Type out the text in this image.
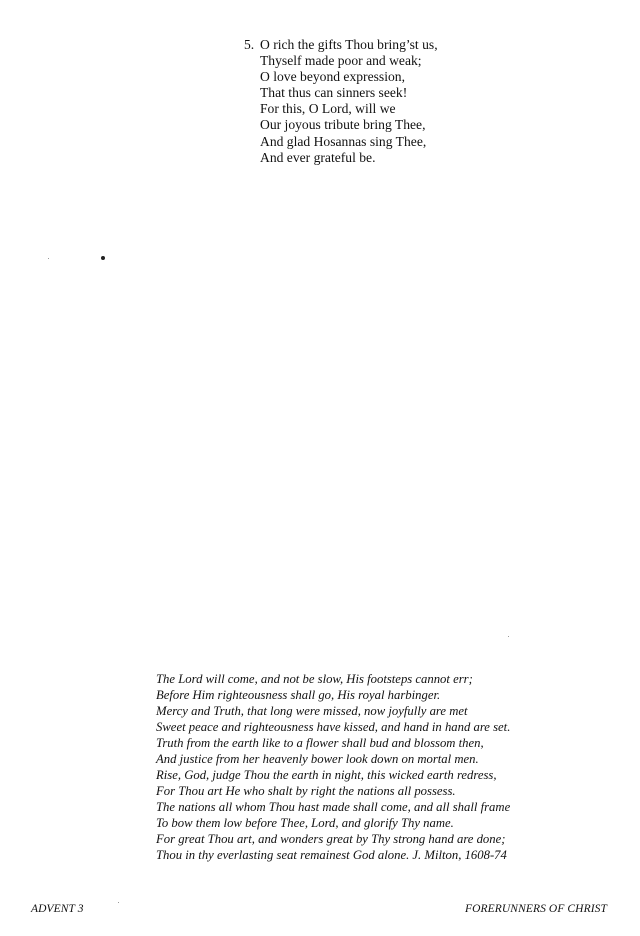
5. O rich the gifts Thou bring’st us,
Thyself made poor and weak;
O love beyond expression,
That thus can sinners seek!
For this, O Lord, will we
Our joyous tribute bring Thee,
And glad Hosannas sing Thee,
And ever grateful be.
The Lord will come, and not be slow, His footsteps cannot err;
Before Him righteousness shall go, His royal harbinger.
Mercy and Truth, that long were missed, now joyfully are met
Sweet peace and righteousness have kissed, and hand in hand are set.
Truth from the earth like to a flower shall bud and blossom then,
And justice from her heavenly bower look down on mortal men.
Rise, God, judge Thou the earth in night, this wicked earth redress,
For Thou art He who shalt by right the nations all possess.
The nations all whom Thou hast made shall come, and all shall frame
To bow them low before Thee, Lord, and glorify Thy name.
For great Thou art, and wonders great by Thy strong hand are done;
Thou in thy everlasting seat remainest God alone. J. Milton, 1608-74
ADVENT 3	FORERUNNERS OF CHRIST
